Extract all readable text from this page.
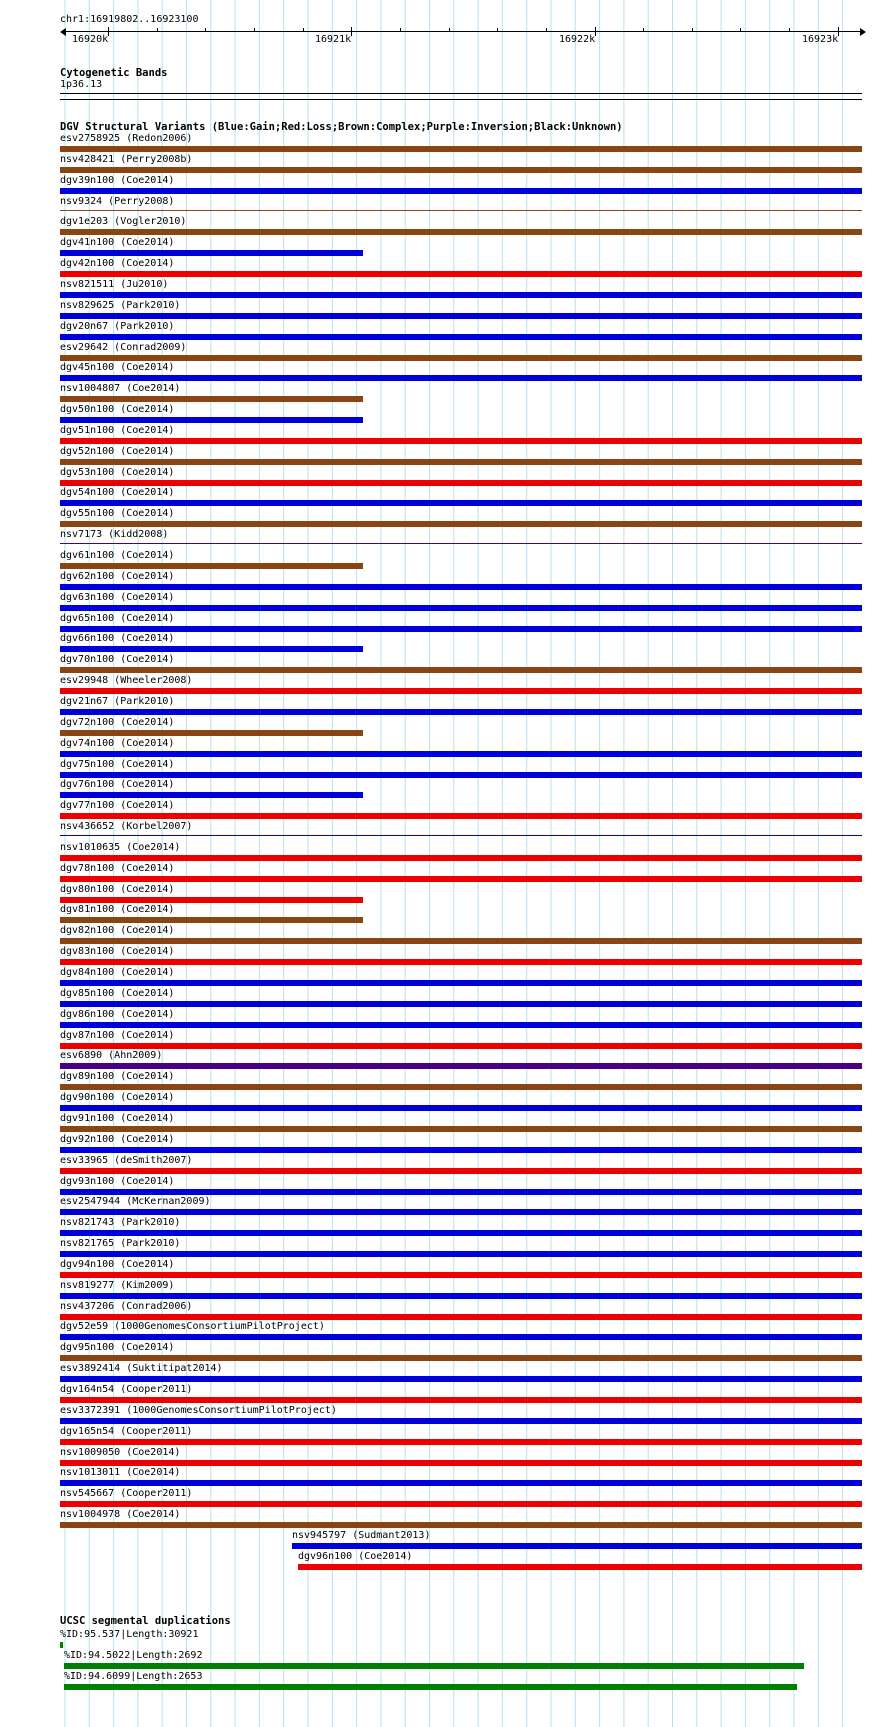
chr1:16919802..16923100
16920k	16921k	16922k	16923k
Cytogenetic Bands
1p36.13
DGV Structural Variants (Blue:Gain;Red:Loss;Brown:Complex;Purple:Inversion;Black:Unknown)
esv2758925 (Redon2006)
nsv428421 (Perry2008b)
dgv39n100 (Coe2014)
nsv9324 (Perry2008)
dgv1e203 (Vogler2010)
dgv41n100 (Coe2014)
dgv42n100 (Coe2014)
nsv821511 (Ju2010)
nsv829625 (Park2010)
dgv20n67 (Park2010)
esv29642 (Conrad2009)
dgv45n100 (Coe2014)
nsv1004807 (Coe2014)
dgv50n100 (Coe2014)
dgv51n100 (Coe2014)
dgv52n100 (Coe2014)
dgv53n100 (Coe2014)
dgv54n100 (Coe2014)
dgv55n100 (Coe2014)
nsv7173 (Kidd2008)
dgv61n100 (Coe2014)
dgv62n100 (Coe2014)
dgv63n100 (Coe2014)
dgv65n100 (Coe2014)
dgv66n100 (Coe2014)
dgv70n100 (Coe2014)
esv29948 (Wheeler2008)
dgv21n67 (Park2010)
dgv72n100 (Coe2014)
dgv74n100 (Coe2014)
dgv75n100 (Coe2014)
dgv76n100 (Coe2014)
dgv77n100 (Coe2014)
nsv436652 (Korbel2007)
nsv1010635 (Coe2014)
dgv78n100 (Coe2014)
dgv80n100 (Coe2014)
dgv81n100 (Coe2014)
dgv82n100 (Coe2014)
dgv83n100 (Coe2014)
dgv84n100 (Coe2014)
dgv85n100 (Coe2014)
dgv86n100 (Coe2014)
dgv87n100 (Coe2014)
esv6890 (Ahn2009)
dgv89n100 (Coe2014)
dgv90n100 (Coe2014)
dgv91n100 (Coe2014)
dgv92n100 (Coe2014)
esv33965 (deSmith2007)
dgv93n100 (Coe2014)
esv2547944 (McKernan2009)
nsv821743 (Park2010)
nsv821765 (Park2010)
dgv94n100 (Coe2014)
nsv819277 (Kim2009)
nsv437206 (Conrad2006)
dgv52e59 (1000GenomesConsortiumPilotProject)
dgv95n100 (Coe2014)
esv3892414 (Suktitipat2014)
dgv164n54 (Cooper2011)
esv3372391 (1000GenomesConsortiumPilotProject)
dgv165n54 (Cooper2011)
nsv1009050 (Coe2014)
nsv1013011 (Coe2014)
nsv545667 (Cooper2011)
nsv1004978 (Coe2014)
nsv945797 (Sudmant2013)
dgv96n100 (Coe2014)
UCSC segmental duplications
%ID:95.537|Length:30921
%ID:94.5022|Length:2692
%ID:94.6099|Length:2653
